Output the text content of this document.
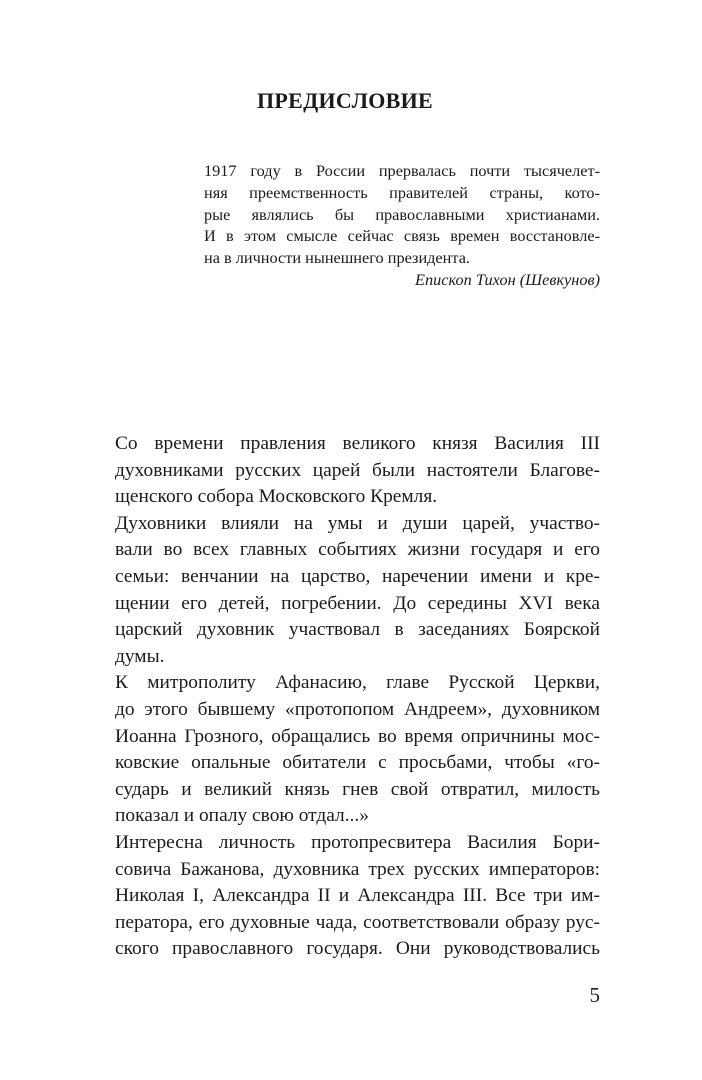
ПРЕДИСЛОВИЕ
1917 году в России прервалась почти тысячелет-
няя преемственность правителей страны, кото-
рые являлись бы православными христианами.
И в этом смысле сейчас связь времен восстановле-
на в личности нынешнего президента.
Епископ Тихон (Шевкунов)
Со времени правления великого князя Василия III
духовниками русских царей были настоятели Благове-
щенского собора Московского Кремля.
Духовники влияли на умы и души царей, участво-
вали во всех главных событиях жизни государя и его
семьи: венчании на царство, наречении имени и кре-
щении его детей, погребении. До середины XVI века
царский духовник участвовал в заседаниях Боярской
думы.
К митрополиту Афанасию, главе Русской Церкви,
до этого бывшему «протопопом Андреем», духовником
Иоанна Грозного, обращались во время опричнины мос-
ковские опальные обитатели с просьбами, чтобы «го-
сударь и великий князь гнев свой отвратил, милость
показал и опалу свою отдал...»
Интересна личность протопресвитера Василия Бори-
совича Бажанова, духовника трех русских императоров:
Николая I, Александра II и Александра III. Все три им-
ператора, его духовные чада, соответствовали образу рус-
ского православного государя. Они руководствовались
5
